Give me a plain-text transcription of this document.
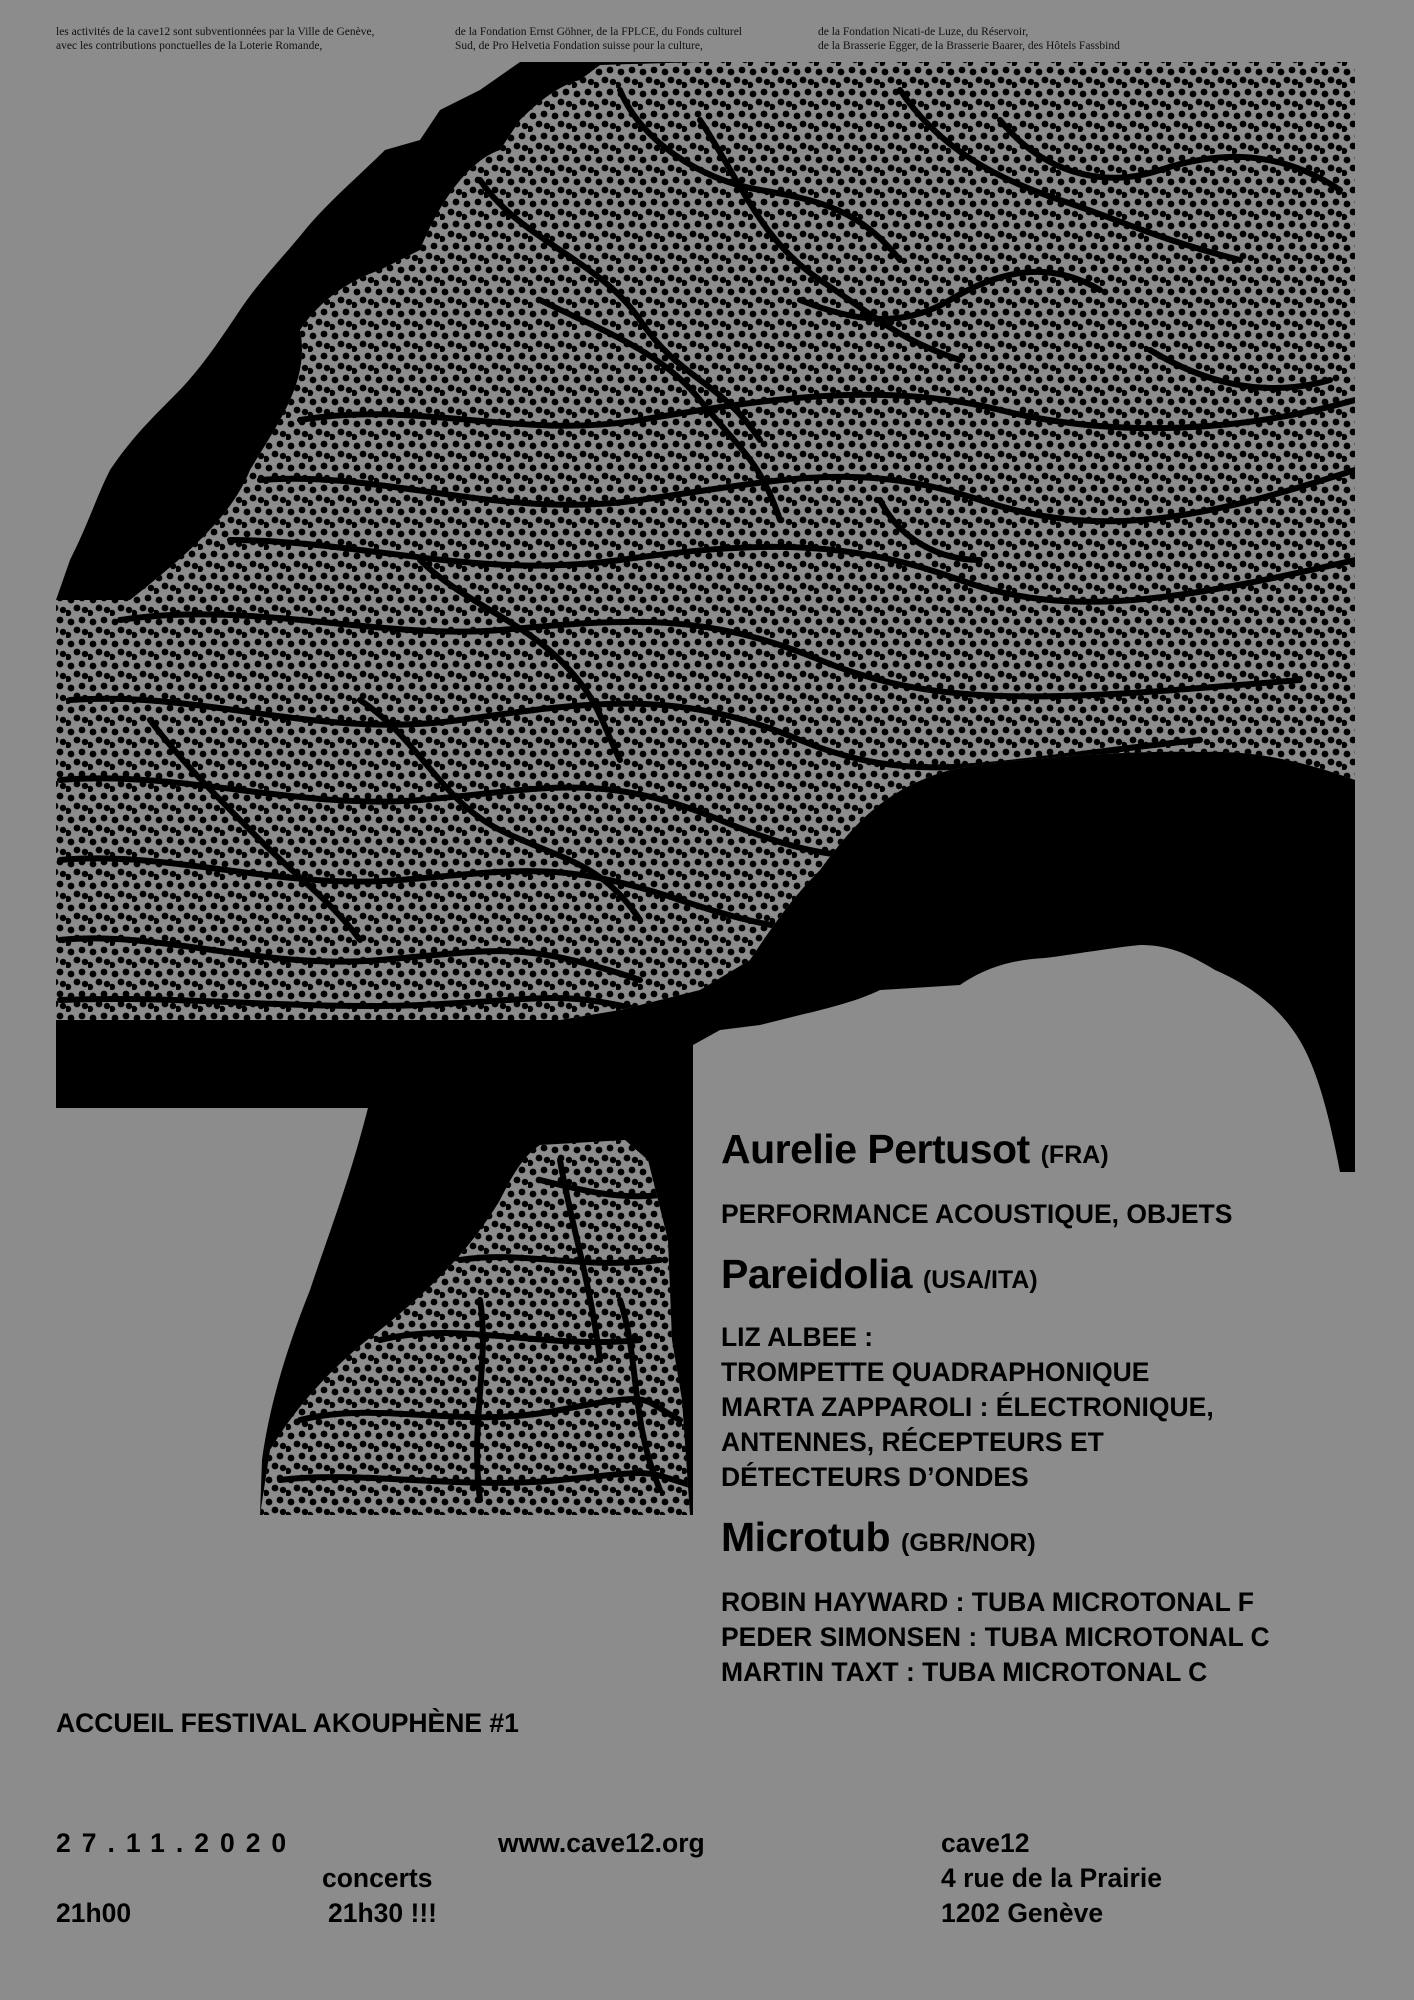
les activités de la cave12 sont subventionnées par la Ville de Genève,
avec les contributions ponctuelles de la Loterie Romande,
de la Fondation Ernst Göhner, de la FPLCE, du Fonds culturel
Sud, de Pro Helvetia Fondation suisse pour la culture,
de la Fondation Nicati-de Luze, du Réservoir,
de la Brasserie Egger, de la Brasserie Baarer, des Hôtels Fassbind

Aurelie Pertusot (FRA)

PERFORMANCE ACOUSTIQUE, OBJETS

Pareidolia (USA/ITA)

LIZ ALBEE :
TROMPETTE QUADRAPHONIQUE
MARTA ZAPPAROLI : ÉLECTRONIQUE,
ANTENNES, RÉCEPTEURS ET
DÉTECTEURS D’ONDES

Microtub (GBR/NOR)

ROBIN HAYWARD : TUBA MICROTONAL F
PEDER SIMONSEN : TUBA MICROTONAL C
MARTIN TAXT : TUBA MICROTONAL C
ACCUEIL FESTIVAL AKOUPHÈNE #1
27.11.2020
concerts
21h00	21h30 !!!
www.cave12.org	cave12
4 rue de la Prairie
1202 Genève
